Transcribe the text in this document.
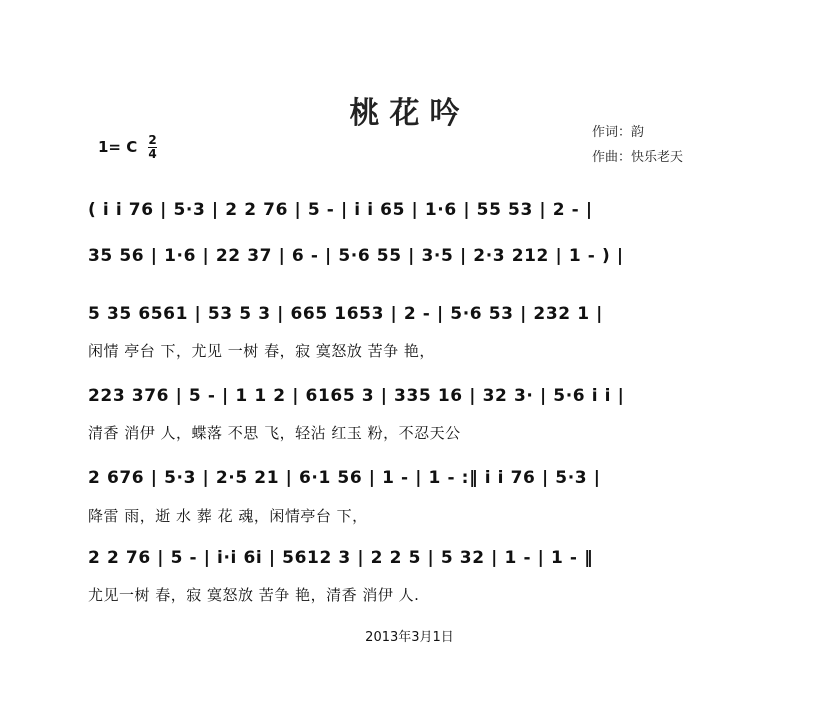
桃花吟
作词：韵
作曲：快乐老天
1= C 2
4
( i i 76 | 5·3 | 2 2 76 | 5 - | i i 65 | 1·6 | 55 53 | 2 - |
35 56 | 1·6 | 22 37 | 6 - | 5·6 55 | 3·5 | 2·3 212 | 1 - ) |
5 35 6561 | 53 5 3 | 665 1653 | 2 - | 5·6 53 | 232 1 |
闲情 亭台 下，尤见 一树 春，寂 寞怒放 苦争 艳，
223 376 | 5 - | 1 1 2 | 6165 3 | 335 16 | 32 3· | 5·6 i i |
清香 消伊 人，蝶落 不思 飞，轻沾 红玉 粉，不忍天公
2 676 | 5·3 | 2·5 21 | 6·1 56 | 1 - | 1 - :‖ i i 76 | 5·3 |
降雷 雨，逝 水 葬 花 魂，闲情亭台 下，
2 2 76 | 5 - | i·i 6i | 5612 3 | 2 2 5 | 5 32 | 1 - | 1 - ‖
尤见一树 春，寂 寞怒放 苦争 艳，清香 消伊 人.
2013年3月1日
